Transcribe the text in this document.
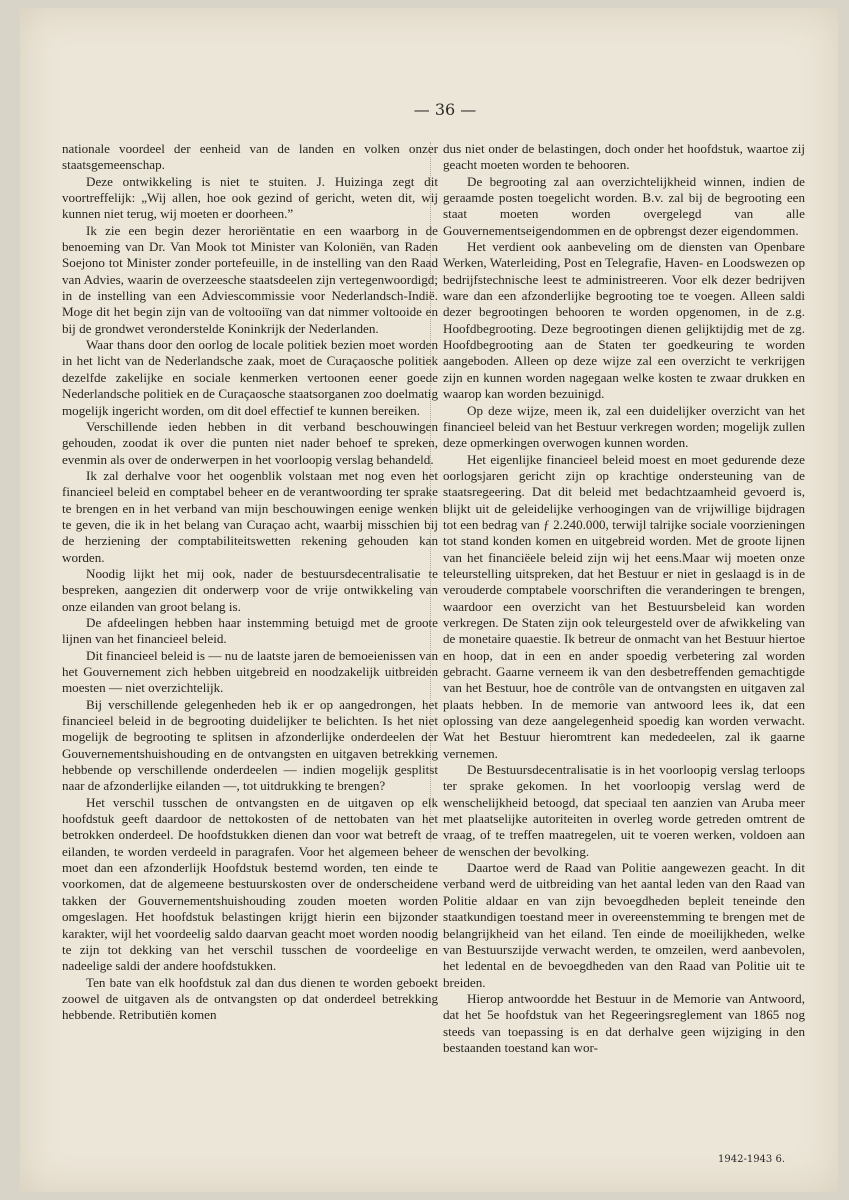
— 36 —

nationale voordeel der eenheid van de landen en volken onzer staatsgemeenschap.

Deze ontwikkeling is niet te stuiten. J. Huizinga zegt dit voortreffelijk: „Wij allen, hoe ook gezind of gericht, weten dit, wij kunnen niet terug, wij moeten er doorheen.”

Ik zie een begin dezer heroriëntatie en een waarborg in de benoeming van Dr. Van Mook tot Minister van Koloniën, van Raden Soejono tot Minister zonder portefeuille, in de instelling van den Raad van Advies, waarin de overzeesche staatsdeelen zijn vertegenwoordigd; in de instelling van een Adviescommissie voor Nederlandsch-Indië. Moge dit het begin zijn van de voltooiïng van dat nimmer voltooide en bij de grondwet veronderstelde Koninkrijk der Nederlanden.

Waar thans door den oorlog de locale politiek bezien moet worden in het licht van de Nederlandsche zaak, moet de Curaçaosche politiek dezelfde zakelijke en sociale kenmerken vertoonen eener goede Nederlandsche politiek en de Curaçaosche staatsorganen zoo doelmatig mogelijk ingericht worden, om dit doel effectief te kunnen bereiken.

Verschillende ieden hebben in dit verband beschouwingen gehouden, zoodat ik over die punten niet nader behoef te spreken, evenmin als over de onderwerpen in het voorloopig verslag behandeld.

Ik zal derhalve voor het oogenblik volstaan met nog even het financieel beleid en comptabel beheer en de verantwoording ter sprake te brengen en in het verband van mijn beschouwingen eenige wenken te geven, die ik in het belang van Curaçao acht, waarbij misschien bij de herziening der comptabiliteitswetten rekening gehouden kan worden.

Noodig lijkt het mij ook, nader de bestuursdecentralisatie te bespreken, aangezien dit onderwerp voor de vrije ontwikkeling van onze eilanden van groot belang is.

De afdeelingen hebben haar instemming betuigd met de groote lijnen van het financieel beleid.

Dit financieel beleid is — nu de laatste jaren de bemoeienissen van het Gouvernement zich hebben uitgebreid en noodzakelijk uitbreiden moesten — niet overzichtelijk.

Bij verschillende gelegenheden heb ik er op aangedrongen, het financieel beleid in de begrooting duidelijker te belichten. Is het niet mogelijk de begrooting te splitsen in afzonderlijke onderdeelen der Gouvernementshuishouding en de ontvangsten en uitgaven betrekking hebbende op verschillende onderdeelen — indien mogelijk gesplitst naar de afzonderlijke eilanden —, tot uitdrukking te brengen?

Het verschil tusschen de ontvangsten en de uitgaven op elk hoofdstuk geeft daardoor de nettokosten of de nettobaten van het betrokken onderdeel. De hoofdstukken dienen dan voor wat betreft de eilanden, te worden verdeeld in paragrafen. Voor het algemeen beheer moet dan een afzonderlijk Hoofdstuk bestemd worden, ten einde te voorkomen, dat de algemeene bestuurskosten over de onderscheidene takken der Gouvernementshuishouding zouden moeten worden omgeslagen. Het hoofdstuk belastingen krijgt hierin een bijzonder karakter, wijl het voordeelig saldo daarvan geacht moet worden noodig te zijn tot dekking van het verschil tusschen de voordeelige en nadeelige saldi der andere hoofdstukken.

Ten bate van elk hoofdstuk zal dan dus dienen te worden geboekt zoowel de uitgaven als de ontvangsten op dat onderdeel betrekking hebbende. Retributiën komen

dus niet onder de belastingen, doch onder het hoofdstuk, waartoe zij geacht moeten worden te behooren.

De begrooting zal aan overzichtelijkheid winnen, indien de geraamde posten toegelicht worden. B.v. zal bij de begrooting een staat moeten worden overgelegd van alle Gouvernementseigendommen en de opbrengst dezer eigendommen.

Het verdient ook aanbeveling om de diensten van Openbare Werken, Waterleiding, Post en Telegrafie, Haven- en Loodswezen op bedrijfstechnische leest te administreeren. Voor elk dezer bedrijven ware dan een afzonderlijke begrooting toe te voegen. Alleen saldi dezer begrootingen behooren te worden opgenomen, in de z.g. Hoofdbegrooting. Deze begrootingen dienen gelijktijdig met de zg. Hoofdbegrooting aan de Staten ter goedkeuring te worden aangeboden. Alleen op deze wijze zal een overzicht te verkrijgen zijn en kunnen worden nagegaan welke kosten te zwaar drukken en waarop kan worden bezuinigd.

Op deze wijze, meen ik, zal een duidelijker overzicht van het financieel beleid van het Bestuur verkregen worden; mogelijk zullen deze opmerkingen overwogen kunnen worden.

Het eigenlijke financieel beleid moest en moet gedurende deze oorlogsjaren gericht zijn op krachtige ondersteuning van de staatsregeering. Dat dit beleid met bedachtzaamheid gevoerd is, blijkt uit de geleidelijke verhoogingen van de vrijwillige bijdragen tot een bedrag van ƒ 2.240.000, terwijl talrijke sociale voorzieningen tot stand konden komen en uitgebreid worden. Met de groote lijnen van het financiëele beleid zijn wij het eens.Maar wij moeten onze teleurstelling uitspreken, dat het Bestuur er niet in geslaagd is in de verouderde comptabele voorschriften die veranderingen te brengen, waardoor een overzicht van het Bestuursbeleid kan worden verkregen. De Staten zijn ook teleurgesteld over de afwikkeling van de monetaire quaestie. Ik betreur de onmacht van het Bestuur hiertoe en hoop, dat in een en ander spoedig verbetering zal worden gebracht. Gaarne verneem ik van den desbetreffenden gemachtigde van het Bestuur, hoe de contrôle van de ontvangsten en uitgaven zal plaats hebben. In de memorie van antwoord lees ik, dat een oplossing van deze aangelegenheid spoedig kan worden verwacht. Wat het Bestuur hieromtrent kan mededeelen, zal ik gaarne vernemen.

De Bestuursdecentralisatie is in het voorloopig verslag terloops ter sprake gekomen. In het voorloopig verslag werd de wenschelijkheid betoogd, dat speciaal ten aanzien van Aruba meer met plaatselijke autoriteiten in overleg worde getreden omtrent de vraag, of te treffen maatregelen, uit te voeren werken, voldoen aan de wenschen der bevolking.

Daartoe werd de Raad van Politie aangewezen geacht. In dit verband werd de uitbreiding van het aantal leden van den Raad van Politie aldaar en van zijn bevoegdheden bepleit teneinde den staatkundigen toestand meer in overeenstemming te brengen met de belangrijkheid van het eiland. Ten einde de moeilijkheden, welke van Bestuurszijde verwacht werden, te omzeilen, werd aanbevolen, het ledental en de bevoegdheden van den Raad van Politie uit te breiden.

Hierop antwoordde het Bestuur in de Memorie van Antwoord, dat het 5e hoofdstuk van het Regeeringsreglement van 1865 nog steeds van toepassing is en dat derhalve geen wijziging in den bestaanden toestand kan wor-

1942-1943 6.
